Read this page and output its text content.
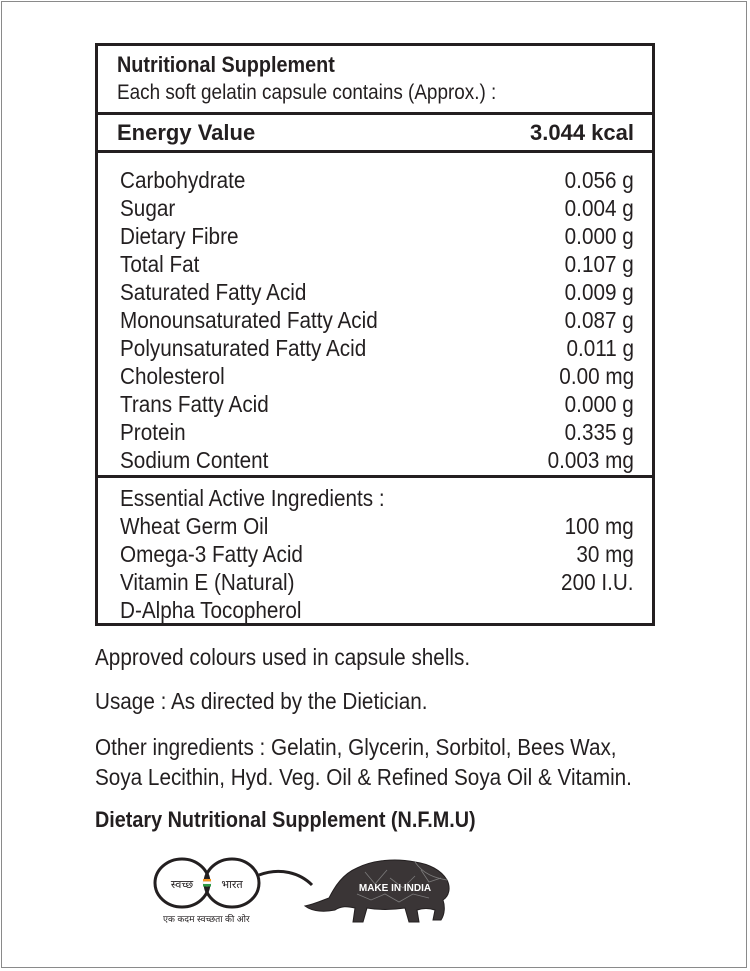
Nutritional Supplement
Each soft gelatin capsule contains (Approx.) :
Energy Value	3.044 kcal
Carbohydrate	0.056 g
Sugar	0.004 g
Dietary Fibre	0.000 g
Total Fat	0.107 g
Saturated Fatty Acid	0.009 g
Monounsaturated Fatty Acid	0.087 g
Polyunsaturated Fatty Acid	0.011 g
Cholesterol	0.00 mg
Trans Fatty Acid	0.000 g
Protein	0.335 g
Sodium Content	0.003 mg
Essential Active Ingredients :
Wheat Germ Oil	100 mg
Omega-3 Fatty Acid	30 mg
Vitamin E (Natural)	200 I.U.
D-Alpha Tocopherol
Approved colours used in capsule shells.
Usage : As directed by the Dietician.
Other ingredients : Gelatin, Glycerin, Sorbitol, Bees Wax,
Soya Lecithin, Hyd. Veg. Oil & Refined Soya Oil & Vitamin.
Dietary Nutritional Supplement (N.F.M.U)
स्वच्छ	भारत
एक कदम स्वच्छता की ओर
MAKE IN INDIA
